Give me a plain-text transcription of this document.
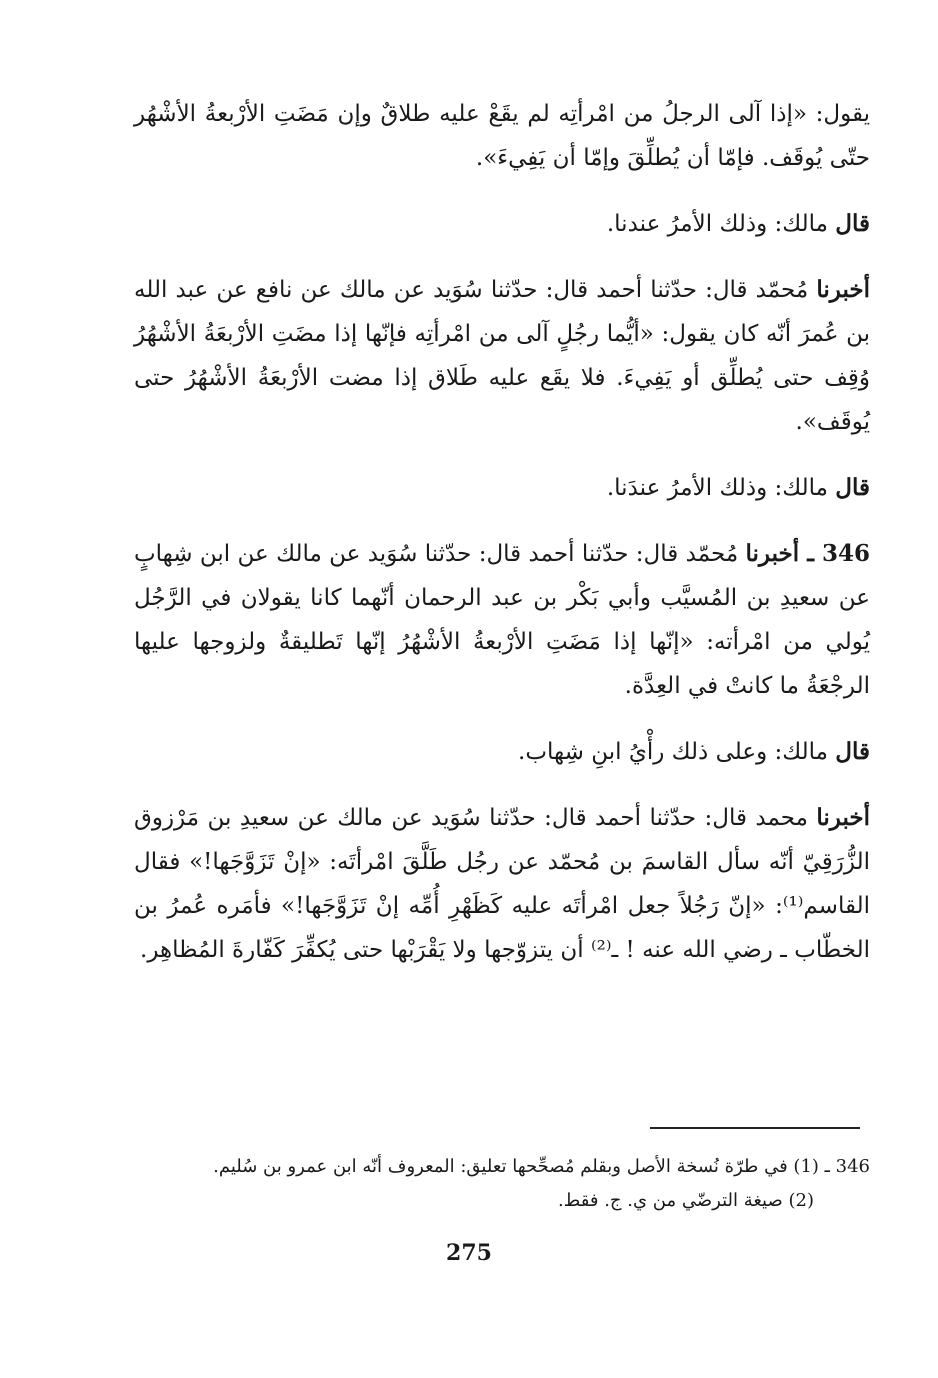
يقول: «إذا آلى الرجلُ من امْرأتِه لم يقَعْ عليه طلاقٌ وإن مَضَتِ الأرْبعةُ الأشْهُر حتّى يُوقَف. فإمّا أن يُطلِّقَ وإمّا أن يَفِيءَ».

قال مالك: وذلك الأمرُ عندنا.

أخبرنا مُحمّد قال: حدّثنا أحمد قال: حدّثنا سُوَيد عن مالك عن نافع عن عبد الله بن عُمرَ أنّه كان يقول: «أيُّما رجُلٍ آلى من امْرأتِه فإنّها إذا مضَتِ الأرْبعَةُ الأشْهُرُ وُقِف حتى يُطلِّق أو يَفِيءَ. فلا يقَع عليه طَلاق إذا مضت الأرْبعَةُ الأشْهُرُ حتى يُوقَف».

قال مالك: وذلك الأمرُ عندَنا.

346 ـ أخبرنا مُحمّد قال: حدّثنا أحمد قال: حدّثنا سُوَيد عن مالك عن ابن شِهابٍ عن سعيدِ بن المُسيَّب وأبي بَكْر بن عبد الرحمان أنّهما كانا يقولان في الرَّجُل يُولي من امْرأته: «إنّها إذا مَضَتِ الأرْبعةُ الأشْهُرُ إنّها تَطليقةٌ ولزوجها عليها الرجْعَةُ ما كانتْ في العِدَّة.

قال مالك: وعلى ذلك رأْيُ ابنِ شِهاب.

أخبرنا محمد قال: حدّثنا أحمد قال: حدّثنا سُوَيد عن مالك عن سعيدِ بن مَرْزوق الزُّرَقِيّ أنّه سأل القاسمَ بن مُحمّد عن رجُل طَلَّقَ امْرأتَه: «إنْ تَزَوَّجَها!» فقال القاسم⁽¹⁾: «إنّ رَجُلاً جعل امْرأتَه عليه كَظَهْرِ أُمِّه إنْ تَزَوَّجَها!» فأمَره عُمرُ بن الخطّاب ـ رضي الله عنه ! ـ⁽²⁾ أن يتزوّجها ولا يَقْرَبْها حتى يُكفِّرَ كَفّارةَ المُظاهِر.

346 ـ (1) في طرّة نُسخة الأصل وبقلم مُصحِّحها تعليق: المعروف أنّه ابن عمرو بن سُليم.

(2) صيغة الترضّي من ي. ج. فقط.

275
